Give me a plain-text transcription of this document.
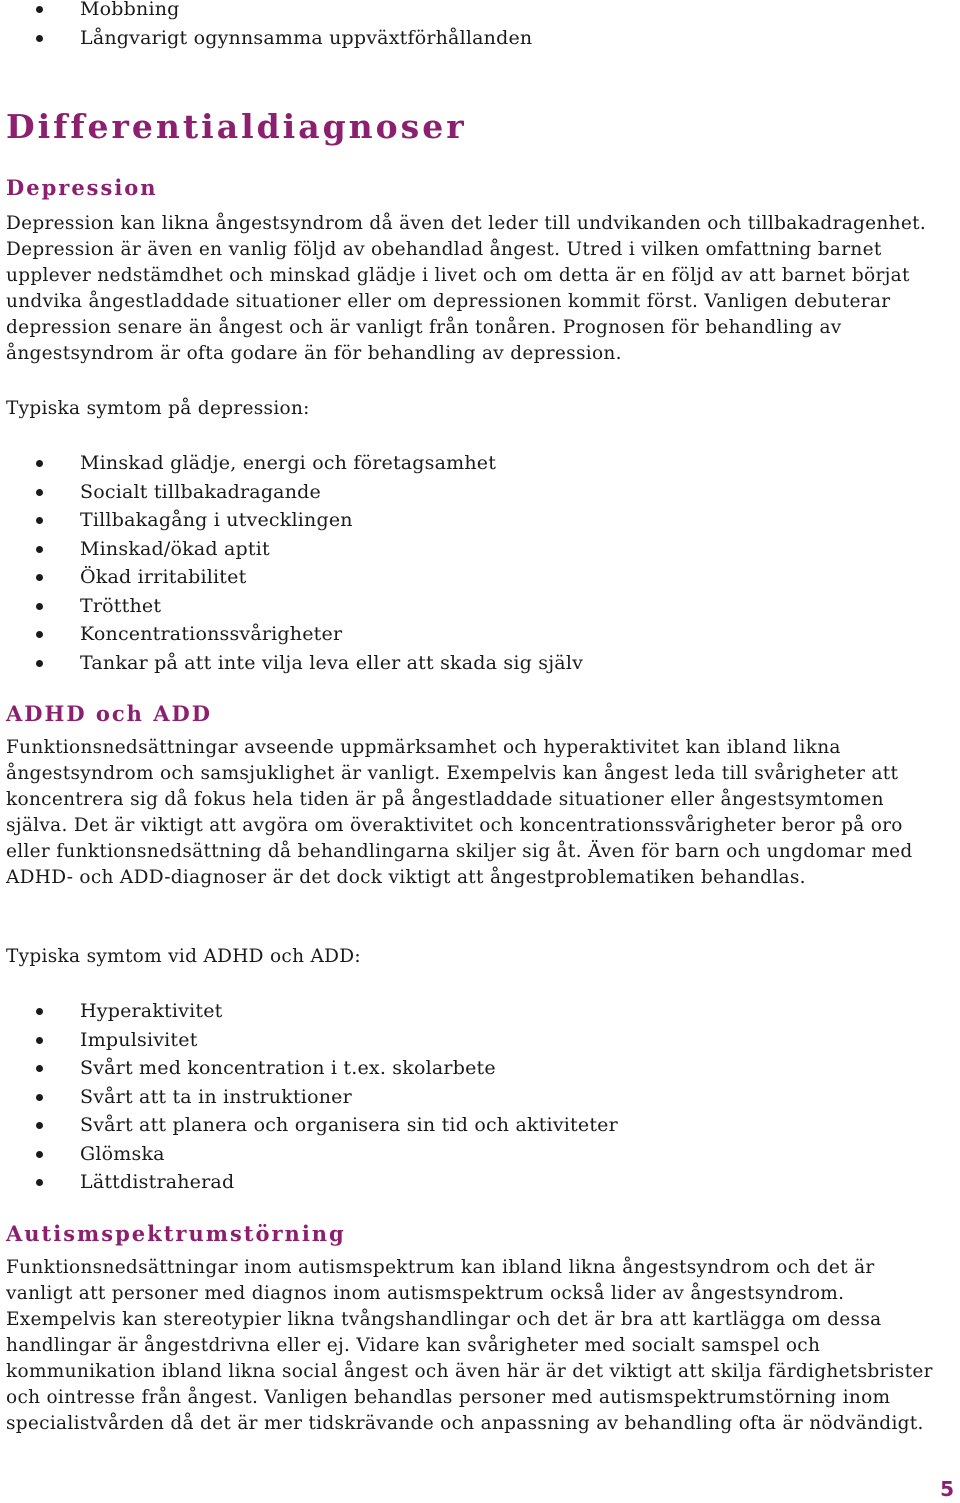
Mobbning
Långvarigt ogynnsamma uppväxtförhållanden
Differentialdiagnoser
Depression

Depression kan likna ångestsyndrom då även det leder till undvikanden och tillbakadragenhet. Depression är även en vanlig följd av obehandlad ångest. Utred i vilken omfattning barnet upplever nedstämdhet och minskad glädje i livet och om detta är en följd av att barnet börjat undvika ångestladdade situationer eller om depressionen kommit först. Vanligen debuterar depression senare än ångest och är vanligt från tonåren. Prognosen för behandling av ångestsyndrom är ofta godare än för behandling av depression.

Typiska symtom på depression:

Minskad glädje, energi och företagsamhet
Socialt tillbakadragande
Tillbakagång i utvecklingen
Minskad/ökad aptit
Ökad irritabilitet
Trötthet
Koncentrationssvårigheter
Tankar på att inte vilja leva eller att skada sig själv
ADHD och ADD

Funktionsnedsättningar avseende uppmärksamhet och hyperaktivitet kan ibland likna ångestsyndrom och samsjuklighet är vanligt. Exempelvis kan ångest leda till svårigheter att koncentrera sig då fokus hela tiden är på ångestladdade situationer eller ångestsymtomen själva. Det är viktigt att avgöra om överaktivitet och koncentrationssvårigheter beror på oro eller funktionsnedsättning då behandlingarna skiljer sig åt. Även för barn och ungdomar med ADHD- och ADD-diagnoser är det dock viktigt att ångestproblematiken behandlas.

Typiska symtom vid ADHD och ADD:

Hyperaktivitet
Impulsivitet
Svårt med koncentration i t.ex. skolarbete
Svårt att ta in instruktioner
Svårt att planera och organisera sin tid och aktiviteter
Glömska
Lättdistraherad
Autismspektrumstörning

Funktionsnedsättningar inom autismspektrum kan ibland likna ångestsyndrom och det är vanligt att personer med diagnos inom autismspektrum också lider av ångestsyndrom. Exempelvis kan stereotypier likna tvångshandlingar och det är bra att kartlägga om dessa handlingar är ångestdrivna eller ej. Vidare kan svårigheter med socialt samspel och kommunikation ibland likna social ångest och även här är det viktigt att skilja färdighetsbrister och ointresse från ångest. Vanligen behandlas personer med autismspektrumstörning inom specialistvården då det är mer tidskrävande och anpassning av behandling ofta är nödvändigt.

5
